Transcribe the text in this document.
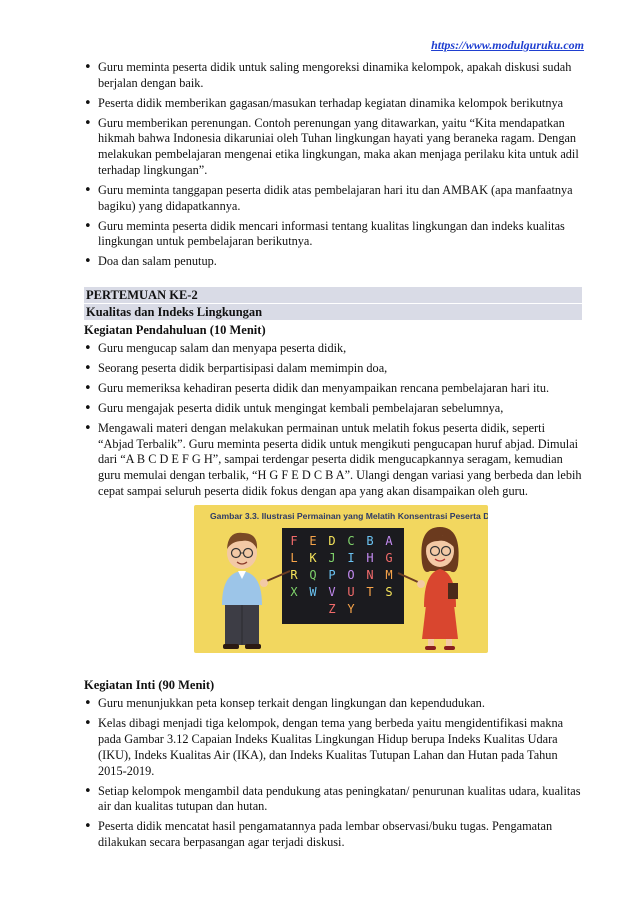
https://www.modulguruku.com
• Guru meminta peserta didik untuk saling mengoreksi dinamika kelompok, apakah diskusi sudah berjalan dengan baik.
• Peserta didik memberikan gagasan/masukan terhadap kegiatan dinamika kelompok berikutnya
• Guru memberikan perenungan. Contoh perenungan yang ditawarkan, yaitu “Kita mendapatkan hikmah bahwa Indonesia dikaruniai oleh Tuhan lingkungan hayati yang beraneka ragam. Dengan melakukan pembelajaran mengenai etika lingkungan, maka akan menjaga perilaku kita untuk adil terhadap lingkungan”.
• Guru meminta tanggapan peserta didik atas pembelajaran hari itu dan AMBAK (apa manfaatnya bagiku) yang didapatkannya.
• Guru meminta peserta didik mencari informasi tentang kualitas lingkungan dan indeks kualitas lingkungan untuk pembelajaran berikutnya.
• Doa dan salam penutup.
PERTEMUAN KE-2
Kualitas dan Indeks Lingkungan
Kegiatan Pendahuluan (10 Menit)
• Guru mengucap salam dan menyapa peserta didik,
• Seorang peserta didik berpartisipasi dalam memimpin doa,
• Guru memeriksa kehadiran peserta didik dan menyampaikan rencana pembelajaran hari itu.
• Guru mengajak peserta didik untuk mengingat kembali pembelajaran sebelumnya,
• Mengawali materi dengan melakukan permainan untuk melatih fokus peserta didik, seperti “Abjad Terbalik”. Guru meminta peserta didik untuk mengikuti pengucapan huruf abjad. Dimulai dari “A B C D E F G H”, sampai terdengar peserta didik mengucapkannya seragam, kemudian guru memulai dengan terbalik, “H G F E D C B A”. Ulangi dengan variasi yang berbeda dan lebih cepat sampai seluruh peserta didik fokus dengan apa yang akan disampaikan oleh guru.
Gambar 3.3. Ilustrasi Permainan yang Melatih Konsentrasi Peserta Didik.
F E D C B A
L K J I H G
R Q P O N M
X W V U T S
Z Y
Kegiatan Inti (90 Menit)
• Guru menunjukkan peta konsep terkait dengan lingkungan dan kependudukan.
• Kelas dibagi menjadi tiga kelompok, dengan tema yang berbeda yaitu mengidentifikasi makna pada Gambar 3.12 Capaian Indeks Kualitas Lingkungan Hidup berupa Indeks Kualitas Udara (IKU), Indeks Kualitas Air (IKA), dan Indeks Kualitas Tutupan Lahan dan Hutan pada Tahun 2015-2019.
• Setiap kelompok mengambil data pendukung atas peningkatan/ penurunan kualitas udara, kualitas air dan kualitas tutupan dan hutan.
• Peserta didik mencatat hasil pengamatannya pada lembar observasi/buku tugas. Pengamatan dilakukan secara berpasangan agar terjadi diskusi.
